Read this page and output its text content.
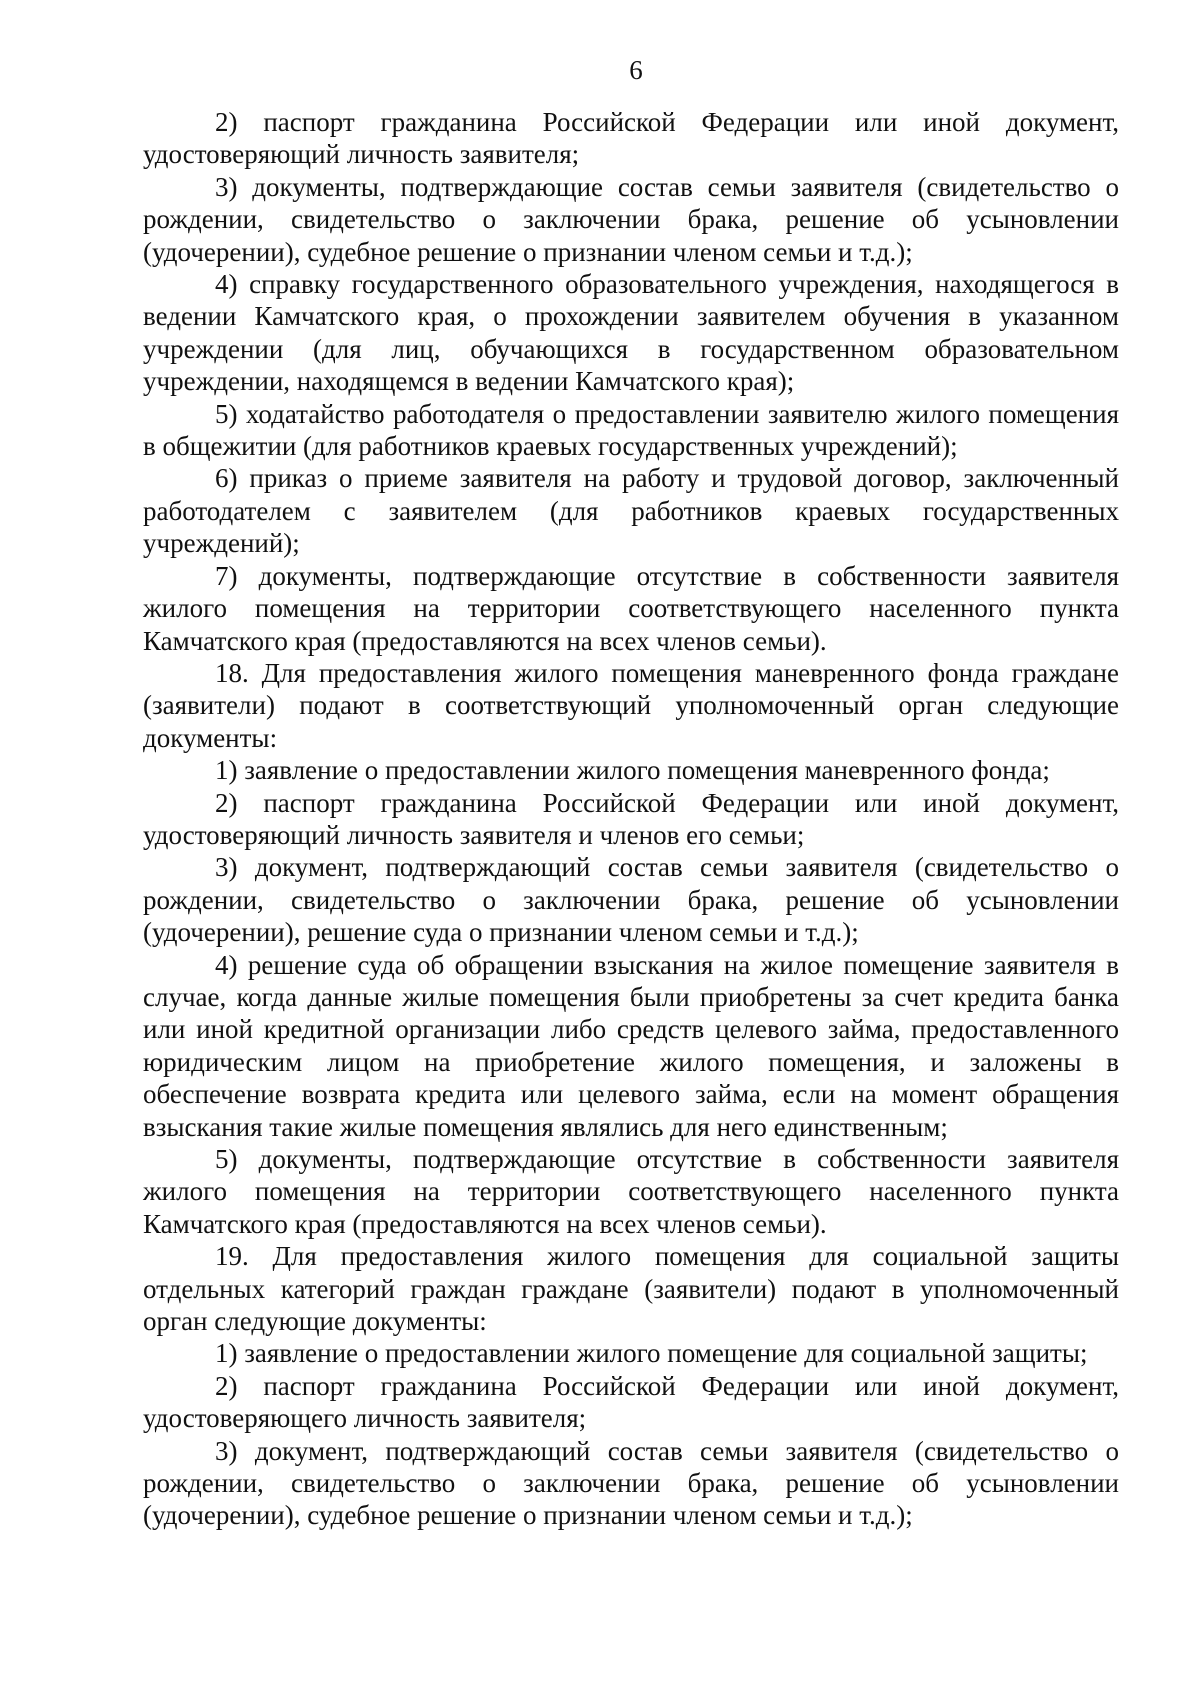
6

2) паспорт гражданина Российской Федерации или иной документ, удостоверяющий личность заявителя;

3) документы, подтверждающие состав семьи заявителя (свидетельство о рождении, свидетельство о заключении брака, решение об усыновлении (удочерении), судебное решение о признании членом семьи и т.д.);

4) справку государственного образовательного учреждения, находящегося в ведении Камчатского края, о прохождении заявителем обучения в указанном учреждении (для лиц, обучающихся в государственном образовательном учреждении, находящемся в ведении Камчатского края);

5) ходатайство работодателя о предоставлении заявителю жилого помещения в общежитии (для работников краевых государственных учреждений);

6) приказ о приеме заявителя на работу и трудовой договор, заключенный работодателем с заявителем (для работников краевых государственных учреждений);

7) документы, подтверждающие отсутствие в собственности заявителя жилого помещения на территории соответствующего населенного пункта Камчатского края (предоставляются на всех членов семьи).

18. Для предоставления жилого помещения маневренного фонда граждане (заявители) подают в соответствующий уполномоченный орган следующие документы:

1) заявление о предоставлении жилого помещения маневренного фонда;

2) паспорт гражданина Российской Федерации или иной документ, удостоверяющий личность заявителя и членов его семьи;

3) документ, подтверждающий состав семьи заявителя (свидетельство о рождении, свидетельство о заключении брака, решение об усыновлении (удочерении), решение суда о признании членом семьи и т.д.);

4) решение суда об обращении взыскания на жилое помещение заявителя в случае, когда данные жилые помещения были приобретены за счет кредита банка или иной кредитной организации либо средств целевого займа, предоставленного юридическим лицом на приобретение жилого помещения, и заложены в обеспечение возврата кредита или целевого займа, если на момент обращения взыскания такие жилые помещения являлись для него единственным;

5) документы, подтверждающие отсутствие в собственности заявителя жилого помещения на территории соответствующего населенного пункта Камчатского края (предоставляются на всех членов семьи).

19. Для предоставления жилого помещения для социальной защиты отдельных категорий граждан граждане (заявители) подают в уполномоченный орган следующие документы:

1) заявление о предоставлении жилого помещение для социальной защиты;

2) паспорт гражданина Российской Федерации или иной документ, удостоверяющего личность заявителя;

3) документ, подтверждающий состав семьи заявителя (свидетельство о рождении, свидетельство о заключении брака, решение об усыновлении (удочерении), судебное решение о признании членом семьи и т.д.);
